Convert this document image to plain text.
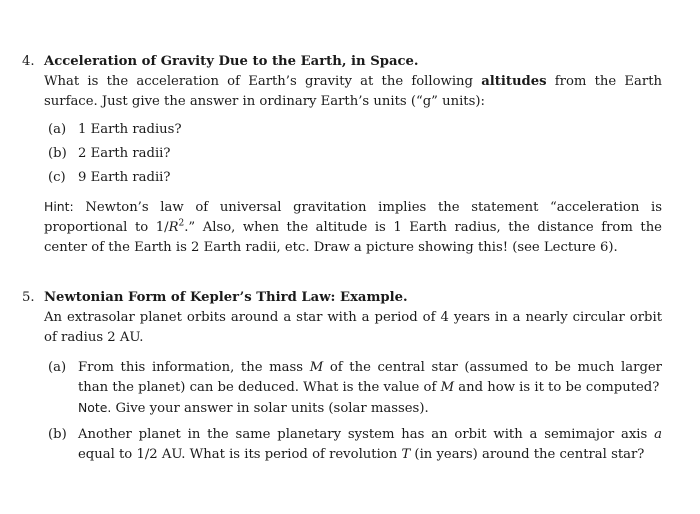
4. Acceleration of Gravity Due to the Earth, in Space.

What is the acceleration of Earth’s gravity at the following altitudes from the Earth surface. Just give the answer in ordinary Earth’s units (“g” units):

(a) 1 Earth radius?
(b) 2 Earth radii?
(c) 9 Earth radii?

Hint: Newton’s law of universal gravitation implies the statement “acceleration is proportional to $1/R^2$.” Also, when the altitude is 1 Earth radius, the distance from the center of the Earth is 2 Earth radii, etc. Draw a picture showing this! (see Lecture 6).

5. Newtonian Form of Kepler’s Third Law: Example.

An extrasolar planet orbits around a star with a period of 4 years in a nearly circular orbit of radius 2 AU.

(a) From this information, the mass M of the central star (assumed to be much larger than the planet) can be deduced. What is the value of M and how is it to be computed?
Note. Give your answer in solar units (solar masses).
(b) Another planet in the same planetary system has an orbit with a semimajor axis a equal to 1/2 AU. What is its period of revolution T (in years) around the central star?
